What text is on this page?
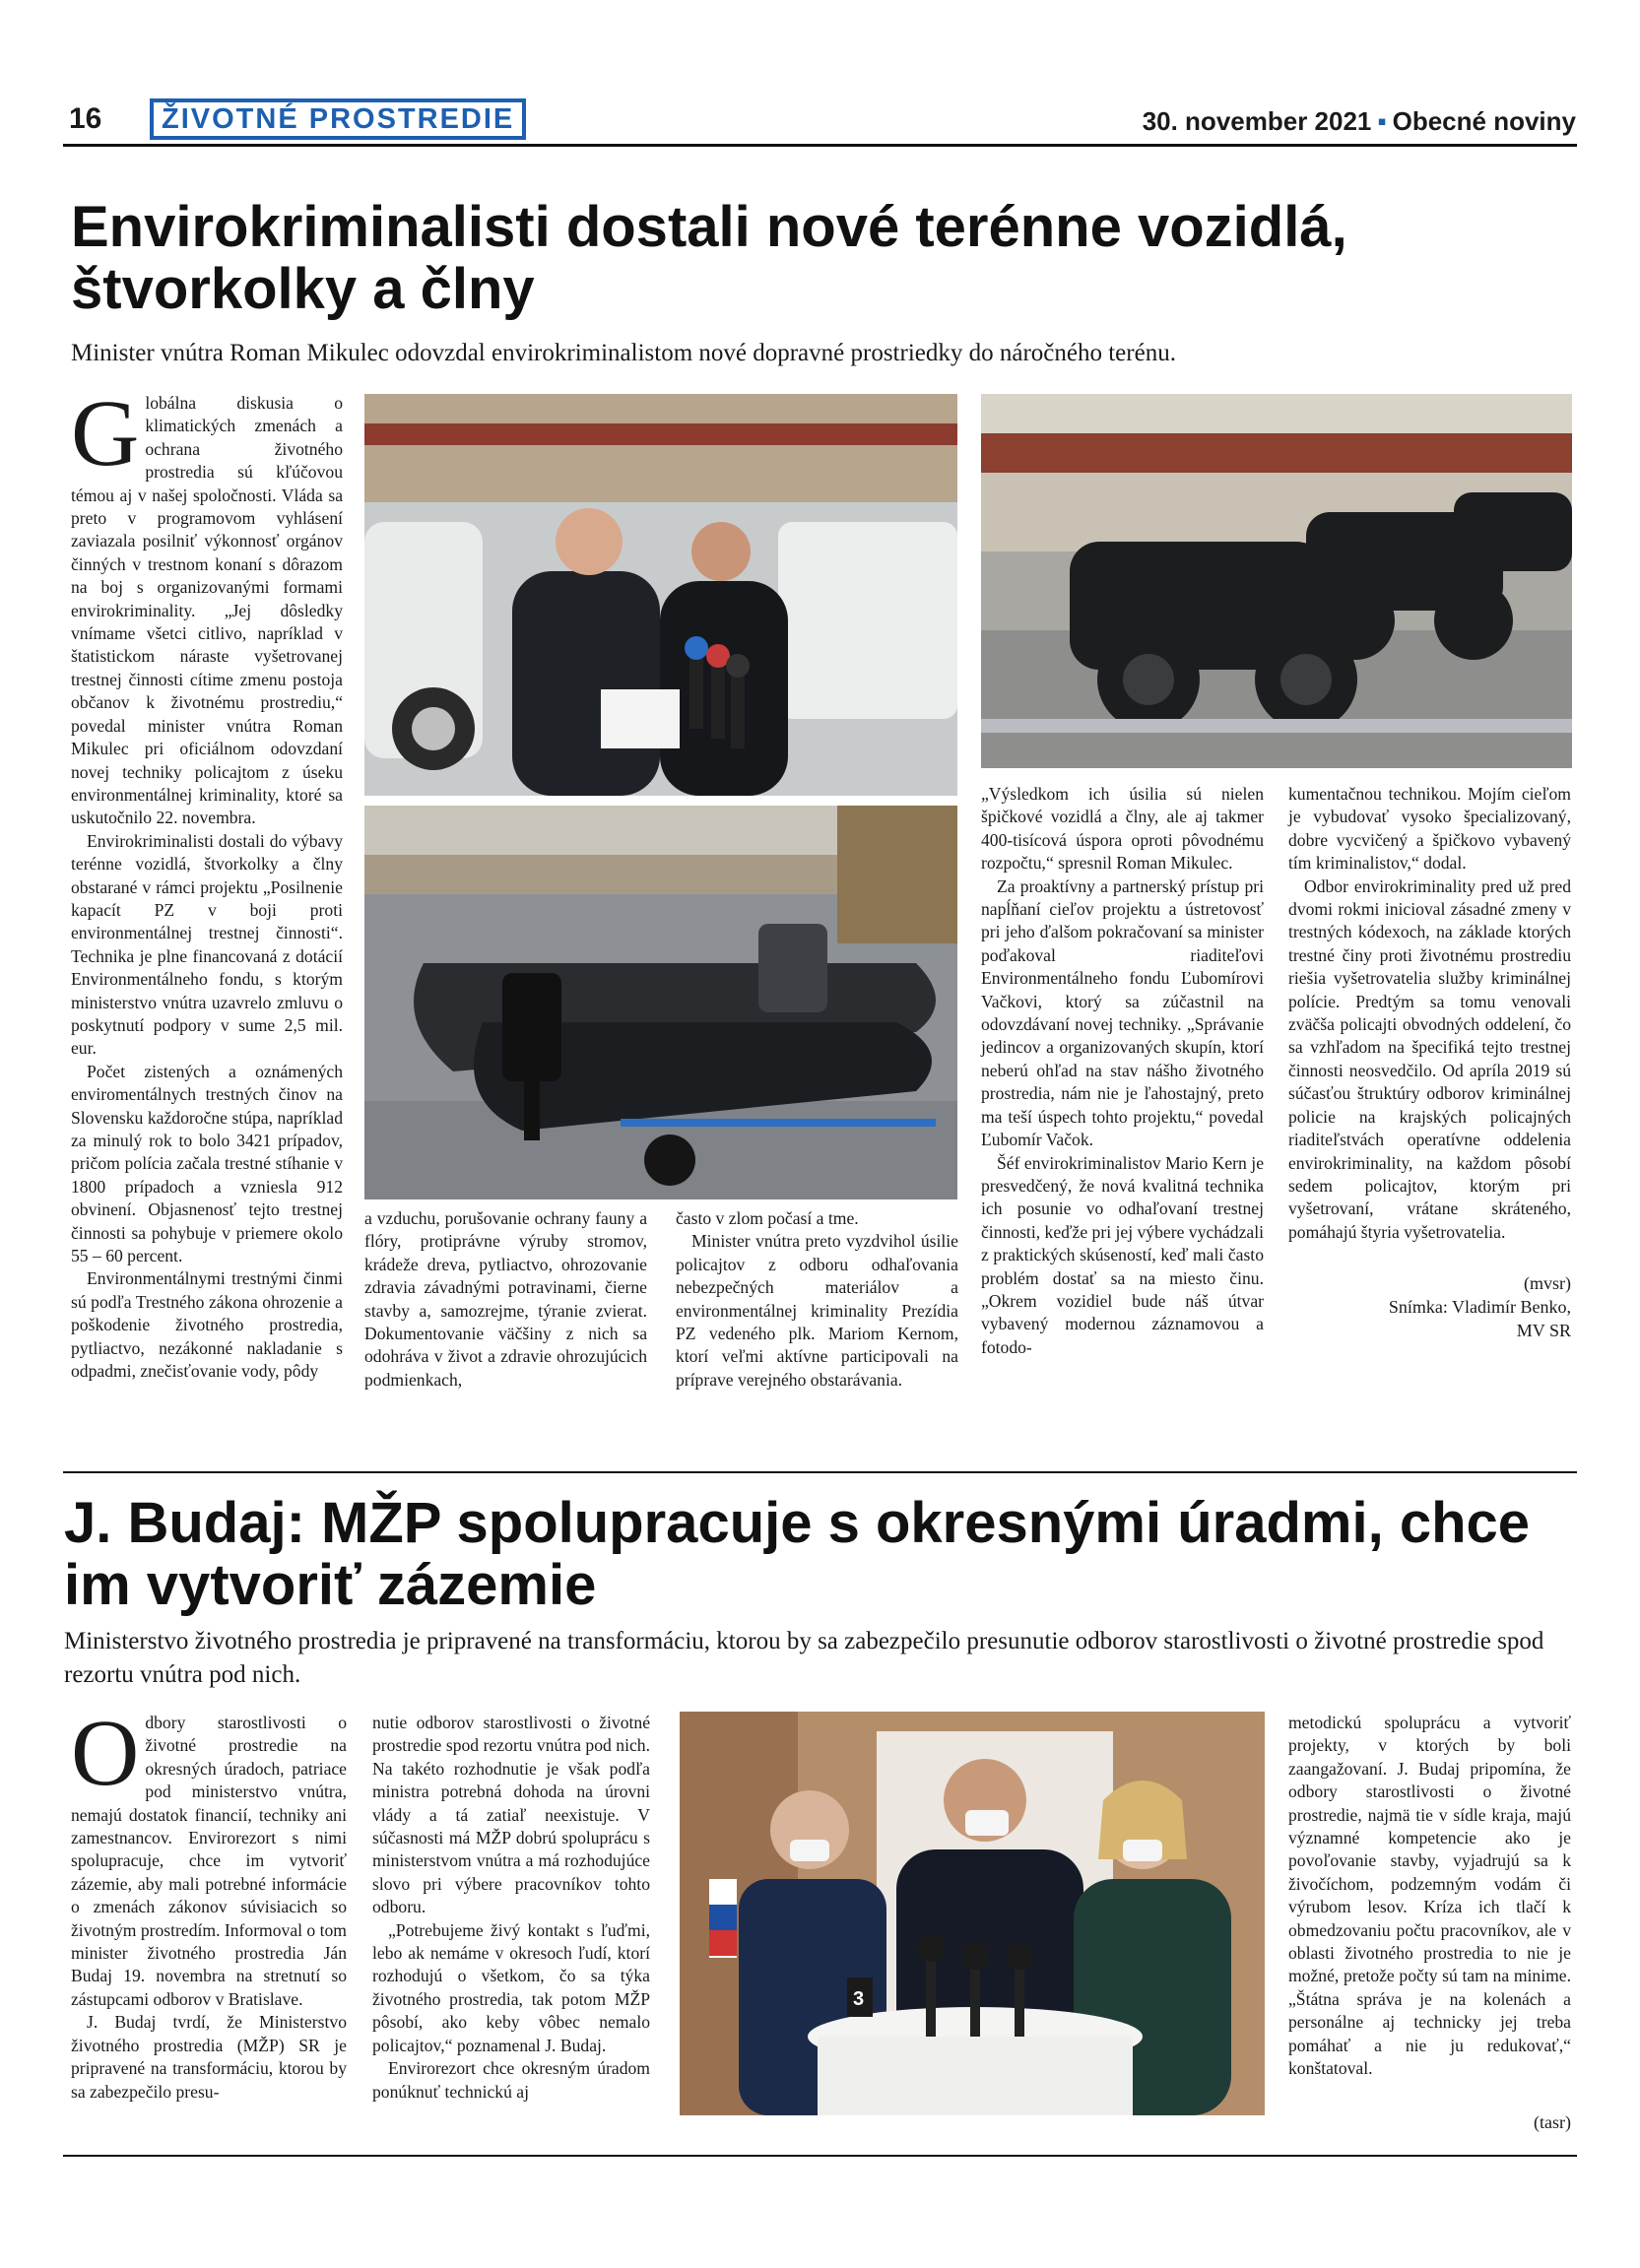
16	ŽIVOTNÉ PROSTREDIE	30. november 2021 ▪ Obecné noviny
Envirokriminalisti dostali nové terénne vozidlá, štvorkolky a člny
Minister vnútra Roman Mikulec odovzdal envirokriminalistom nové dopravné prostriedky do náročného terénu.

Globálna diskusia o klimatických zmenách a ochrana životného prostredia sú kľúčovou témou aj v našej spoločnosti. Vláda sa preto v programovom vyhlásení zaviazala posilniť výkonnosť orgánov činných v trestnom konaní s dôrazom na boj s organizovanými formami envirokriminality. „Jej dôsledky vnímame všetci citlivo, napríklad v štatistickom náraste vyšetrovanej trestnej činnosti cítime zmenu postoja občanov k životnému prostrediu,“ povedal minister vnútra Roman Mikulec pri oficiálnom odovzdaní novej techniky policajtom z úseku environmentálnej kriminality, ktoré sa uskutočnilo 22. novembra.

Envirokriminalisti dostali do výbavy terénne vozidlá, štvorkolky a člny obstarané v rámci projektu „Posilnenie kapacít PZ v boji proti environmentálnej trestnej činnosti“. Technika je plne financovaná z dotácií Environmentálneho fondu, s ktorým ministerstvo vnútra uzavrelo zmluvu o poskytnutí podpory v sume 2,5 mil. eur.

Počet zistených a oznámených enviromentálnych trestných činov na Slovensku každoročne stúpa, napríklad za minulý rok to bolo 3421 prípadov, pričom polícia začala trestné stíhanie v 1800 prípadoch a vzniesla 912 obvinení. Objasnenosť tejto trestnej činnosti sa pohybuje v priemere okolo 55 – 60 percent.

Environmentálnymi trestnými činmi sú podľa Trestného zákona ohrozenie a poškodenie životného prostredia, pytliactvo, nezákonné nakladanie s odpadmi, znečisťovanie vody, pôdy

a vzduchu, porušovanie ochrany fauny a flóry, protiprávne výruby stromov, krádeže dreva, pytliactvo, ohrozovanie zdravia závadnými potravinami, čierne stavby a, samozrejme, týranie zvierat. Dokumentovanie väčšiny z nich sa odohráva v život a zdravie ohrozujúcich podmienkach,

často v zlom počasí a tme.

Minister vnútra preto vyzdvihol úsilie policajtov z odboru odhaľovania nebezpečných materiálov a environmentálnej kriminality Prezídia PZ vedeného plk. Mariom Kernom, ktorí veľmi aktívne participovali na príprave verejného obstarávania.

„Výsledkom ich úsilia sú nielen špičkové vozidlá a člny, ale aj takmer 400-tisícová úspora oproti pôvodnému rozpočtu,“ spresnil Roman Mikulec.

Za proaktívny a partnerský prístup pri napĺňaní cieľov projektu a ústretovosť pri jeho ďalšom pokračovaní sa minister poďakoval riaditeľovi Environmentálneho fondu Ľubomírovi Vačkovi, ktorý sa zúčastnil na odovzdávaní novej techniky. „Správanie jedincov a organizovaných skupín, ktorí neberú ohľad na stav nášho životného prostredia, nám nie je ľahostajný, preto ma teší úspech tohto projektu,“ povedal Ľubomír Vačok.

Šéf envirokriminalistov Mario Kern je presvedčený, že nová kvalitná technika ich posunie vo odhaľovaní trestnej činnosti, keďže pri jej výbere vychádzali z praktických skúseností, keď mali často problém dostať sa na miesto činu. „Okrem vozidiel bude náš útvar vybavený modernou záznamovou a fotodo-

kumentačnou technikou. Mojím cieľom je vybudovať vysoko špecializovaný, dobre vycvičený a špičkovo vybavený tím kriminalistov,“ dodal.

Odbor envirokriminality pred už pred dvomi rokmi inicioval zásadné zmeny v trestných kódexoch, na základe ktorých trestné činy proti životnému prostrediu riešia vyšetrovatelia služby kriminálnej polície. Predtým sa tomu venovali zväčša policajti obvodných oddelení, čo sa vzhľadom na špecifiká tejto trestnej činnosti neosvedčilo. Od apríla 2019 sú súčasťou štruktúry odborov kriminálnej policie na krajských policajných riaditeľstvách operatívne oddelenia envirokriminality, na každom pôsobí sedem policajtov, ktorým pri vyšetrovaní, vrátane skráteného, pomáhajú štyria vyšetrovatelia.

(mvsr)
Snímka: Vladimír Benko,
MV SR
J. Budaj: MŽP spolupracuje s okresnými úradmi, chce im vytvoriť zázemie
Ministerstvo životného prostredia je pripravené na transformáciu, ktorou by sa zabezpečilo presunutie odborov starostlivosti o životné prostredie spod rezortu vnútra pod nich.

Odbory starostlivosti o životné prostredie na okresných úradoch, patriace pod ministerstvo vnútra, nemajú dostatok financií, techniky ani zamestnancov. Envirorezort s nimi spolupracuje, chce im vytvoriť zázemie, aby mali potrebné informácie o zmenách zákonov súvisiacich so životným prostredím. Informoval o tom minister životného prostredia Ján Budaj 19. novembra na stretnutí so zástupcami odborov v Bratislave.

J. Budaj tvrdí, že Ministerstvo životného prostredia (MŽP) SR je pripravené na transformáciu, ktorou by sa zabezpečilo presu-

nutie odborov starostlivosti o životné prostredie spod rezortu vnútra pod nich. Na takéto rozhodnutie je však podľa ministra potrebná dohoda na úrovni vlády a tá zatiaľ neexistuje. V súčasnosti má MŽP dobrú spoluprácu s ministerstvom vnútra a má rozhodujúce slovo pri výbere pracovníkov tohto odboru.

„Potrebujeme živý kontakt s ľuďmi, lebo ak nemáme v okresoch ľudí, ktorí rozhodujú o všetkom, čo sa týka životného prostredia, tak potom MŽP pôsobí, ako keby vôbec nemalo policajtov,“ poznamenal J. Budaj.

Envirorezort chce okresným úradom ponúknuť technickú aj

3

metodickú spoluprácu a vytvoriť projekty, v ktorých by boli zaangažovaní. J. Budaj pripomína, že odbory starostlivosti o životné prostredie, najmä tie v sídle kraja, majú významné kompetencie ako je povoľovanie stavby, vyjadrujú sa k živočíchom, podzemným vodám či výrubom lesov. Kríza ich tlačí k obmedzovaniu počtu pracovníkov, ale v oblasti životného prostredia to nie je možné, pretože počty sú tam na minime. „Štátna správa je na kolenách a personálne aj technicky jej treba pomáhať a nie ju redukovať,“ konštatoval.

(tasr)
